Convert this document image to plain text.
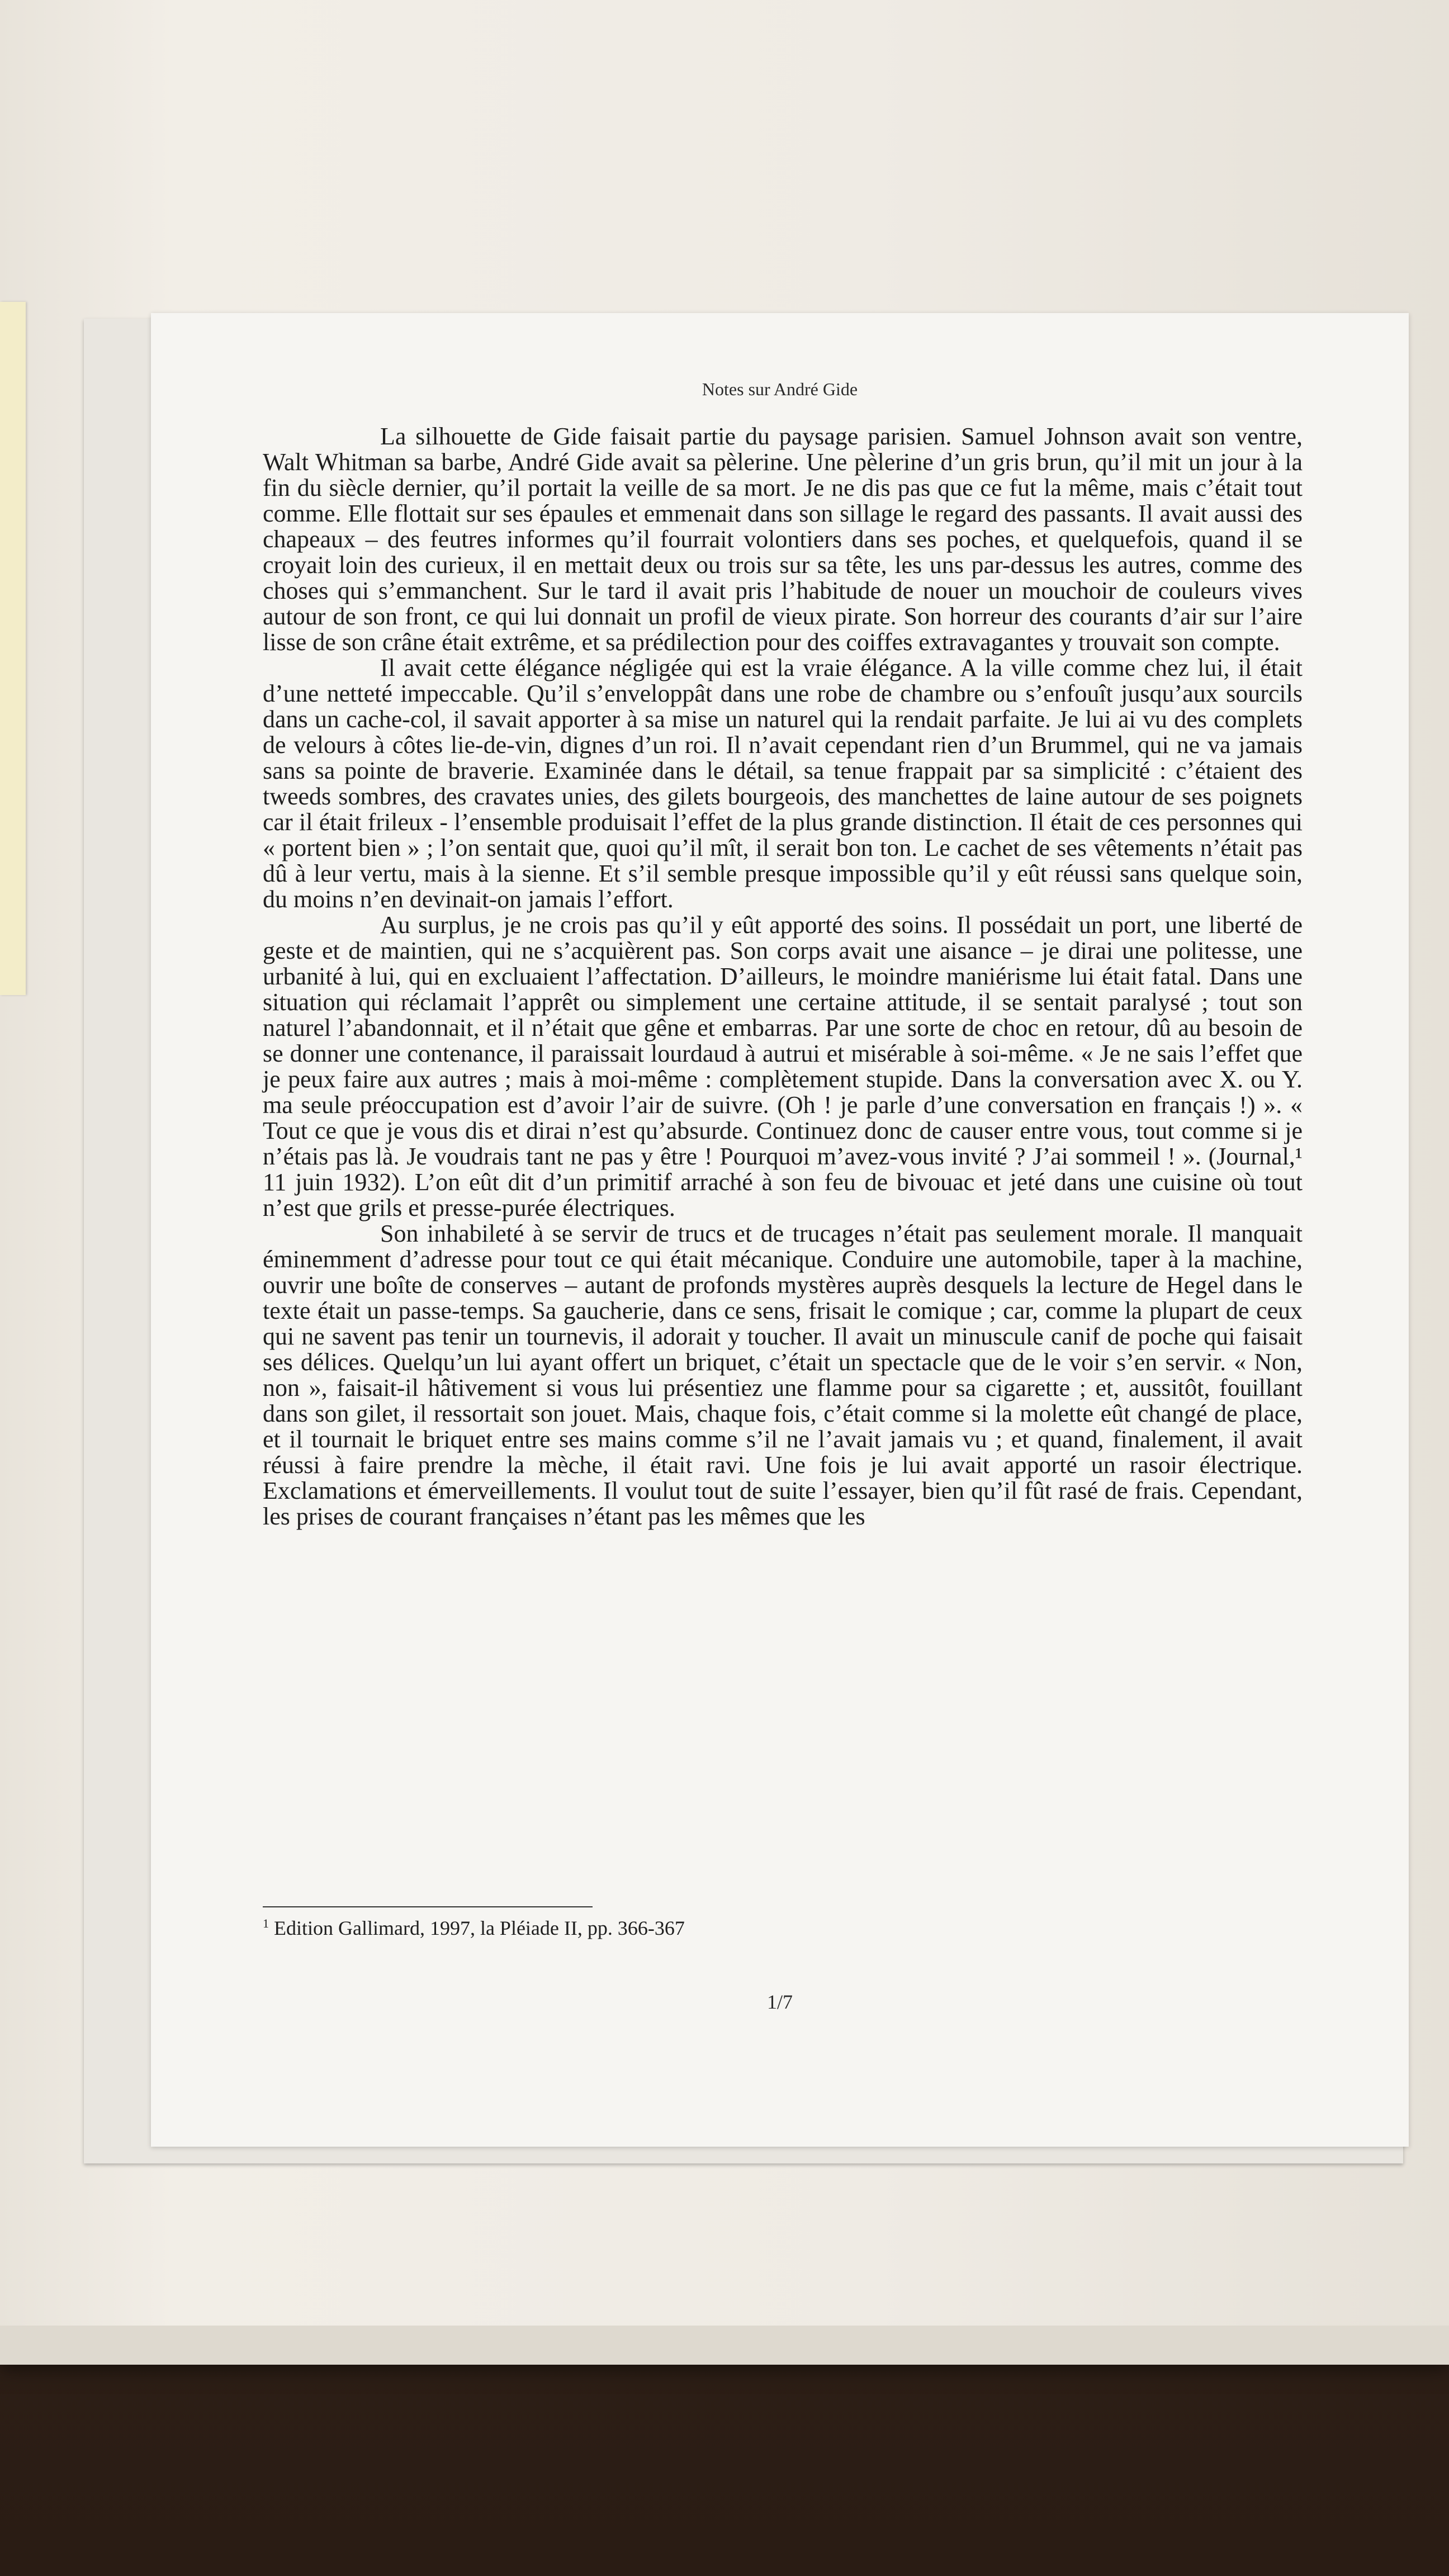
Notes sur André Gide

La silhouette de Gide faisait partie du paysage parisien. Samuel Johnson avait son ventre, Walt Whitman sa barbe, André Gide avait sa pèlerine. Une pèlerine d’un gris brun, qu’il mit un jour à la fin du siècle dernier, qu’il portait la veille de sa mort. Je ne dis pas que ce fut la même, mais c’était tout comme. Elle flottait sur ses épaules et emmenait dans son sillage le regard des passants. Il avait aussi des chapeaux – des feutres informes qu’il fourrait volontiers dans ses poches, et quelquefois, quand il se croyait loin des curieux, il en mettait deux ou trois sur sa tête, les uns par-dessus les autres, comme des choses qui s’emmanchent. Sur le tard il avait pris l’habitude de nouer un mouchoir de couleurs vives autour de son front, ce qui lui donnait un profil de vieux pirate. Son horreur des courants d’air sur l’aire lisse de son crâne était extrême, et sa prédilection pour des coiffes extravagantes y trouvait son compte.

Il avait cette élégance négligée qui est la vraie élégance. A la ville comme chez lui, il était d’une netteté impeccable. Qu’il s’enveloppât dans une robe de chambre ou s’enfouît jusqu’aux sourcils dans un cache-col, il savait apporter à sa mise un naturel qui la rendait parfaite. Je lui ai vu des complets de velours à côtes lie-de-vin, dignes d’un roi. Il n’avait cependant rien d’un Brummel, qui ne va jamais sans sa pointe de braverie. Examinée dans le détail, sa tenue frappait par sa simplicité : c’étaient des tweeds sombres, des cravates unies, des gilets bourgeois, des manchettes de laine autour de ses poignets car il était frileux - l’ensemble produisait l’effet de la plus grande distinction. Il était de ces personnes qui « portent bien » ; l’on sentait que, quoi qu’il mît, il serait bon ton. Le cachet de ses vêtements n’était pas dû à leur vertu, mais à la sienne. Et s’il semble presque impossible qu’il y eût réussi sans quelque soin, du moins n’en devinait-on jamais l’effort.

Au surplus, je ne crois pas qu’il y eût apporté des soins. Il possédait un port, une liberté de geste et de maintien, qui ne s’acquièrent pas. Son corps avait une aisance – je dirai une politesse, une urbanité à lui, qui en excluaient l’affectation. D’ailleurs, le moindre maniérisme lui était fatal. Dans une situation qui réclamait l’apprêt ou simplement une certaine attitude, il se sentait paralysé ; tout son naturel l’abandonnait, et il n’était que gêne et embarras. Par une sorte de choc en retour, dû au besoin de se donner une contenance, il paraissait lourdaud à autrui et misérable à soi-même. « Je ne sais l’effet que je peux faire aux autres ; mais à moi-même : complètement stupide. Dans la conversation avec X. ou Y. ma seule préoccupation est d’avoir l’air de suivre. (Oh ! je parle d’une conversation en français !) ». « Tout ce que je vous dis et dirai n’est qu’absurde. Continuez donc de causer entre vous, tout comme si je n’étais pas là. Je voudrais tant ne pas y être ! Pourquoi m’avez-vous invité ? J’ai sommeil ! ». (Journal,¹ 11 juin 1932). L’on eût dit d’un primitif arraché à son feu de bivouac et jeté dans une cuisine où tout n’est que grils et presse-purée électriques.

Son inhabileté à se servir de trucs et de trucages n’était pas seulement morale. Il manquait éminemment d’adresse pour tout ce qui était mécanique. Conduire une automobile, taper à la machine, ouvrir une boîte de conserves – autant de profonds mystères auprès desquels la lecture de Hegel dans le texte était un passe-temps. Sa gaucherie, dans ce sens, frisait le comique ; car, comme la plupart de ceux qui ne savent pas tenir un tournevis, il adorait y toucher. Il avait un minuscule canif de poche qui faisait ses délices. Quelqu’un lui ayant offert un briquet, c’était un spectacle que de le voir s’en servir. « Non, non », faisait-il hâtivement si vous lui présentiez une flamme pour sa cigarette ; et, aussitôt, fouillant dans son gilet, il ressortait son jouet. Mais, chaque fois, c’était comme si la molette eût changé de place, et il tournait le briquet entre ses mains comme s’il ne l’avait jamais vu ; et quand, finalement, il avait réussi à faire prendre la mèche, il était ravi. Une fois je lui avait apporté un rasoir électrique. Exclamations et émerveillements. Il voulut tout de suite l’essayer, bien qu’il fût rasé de frais. Cependant, les prises de courant françaises n’étant pas les mêmes que les

$^1$ Edition Gallimard, 1997, la Pléiade II, pp. 366-367
1/7
